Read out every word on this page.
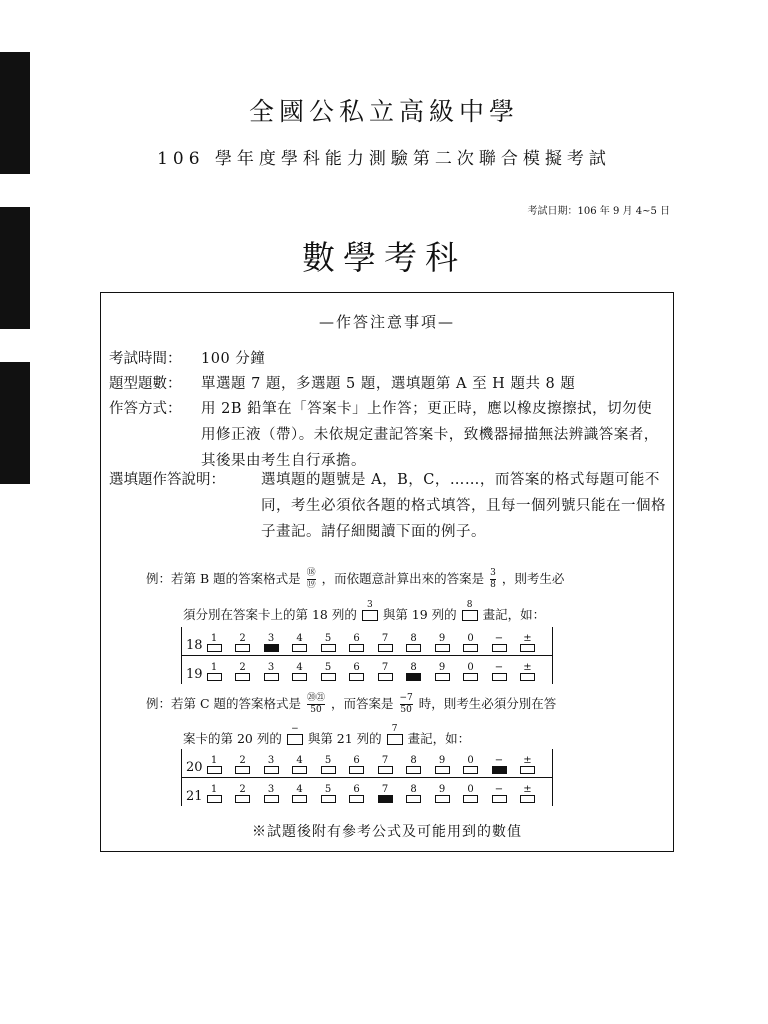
全國公私立高級中學
106 學年度學科能力測驗第二次聯合模擬考試
考試日期：106 年 9 月 4~5 日
數學考科
—作答注意事項—
考試時間：	100 分鐘
題型題數：	單選題 7 題，多選題 5 題，選填題第 A 至 H 題共 8 題
作答方式：	用 2B 鉛筆在「答案卡」上作答；更正時，應以橡皮擦擦拭，切勿使用修正液（帶）。未依規定畫記答案卡，致機器掃描無法辨識答案者，其後果由考生自行承擔。
選填題作答說明：	選填題的題號是 A，B，C，……，而答案的格式每題可能不同，考生必須依各題的格式填答，且每一個列號只能在一個格子畫記。請仔細閱讀下面的例子。
例：若第 B 題的答案格式是 $\frac{\text{⑱}}{\text{⑲}}$ ，而依題意計算出來的答案是 $\frac{3}{8}$ ，則考生必
須分別在答案卡上的第 18 列的
3
與第 19 列的
8
畫記，如：
18 1	2	3	4	5	6	7	8	9	0	−	±
19 1	2	3	4	5	6	7	8	9	0	−	±
例：若第 C 題的答案格式是 $\frac{\text{⑳㉑}}{50}$ ，而答案是 $\frac{-7}{50}$ 時，則考生必須分別在答
案卡的第 20 列的
−
與第 21 列的
7
畫記，如：
20 1	2	3	4	5	6	7	8	9	0	−	±
21 1	2	3	4	5	6	7	8	9	0	−	±
※試題後附有參考公式及可能用到的數值
